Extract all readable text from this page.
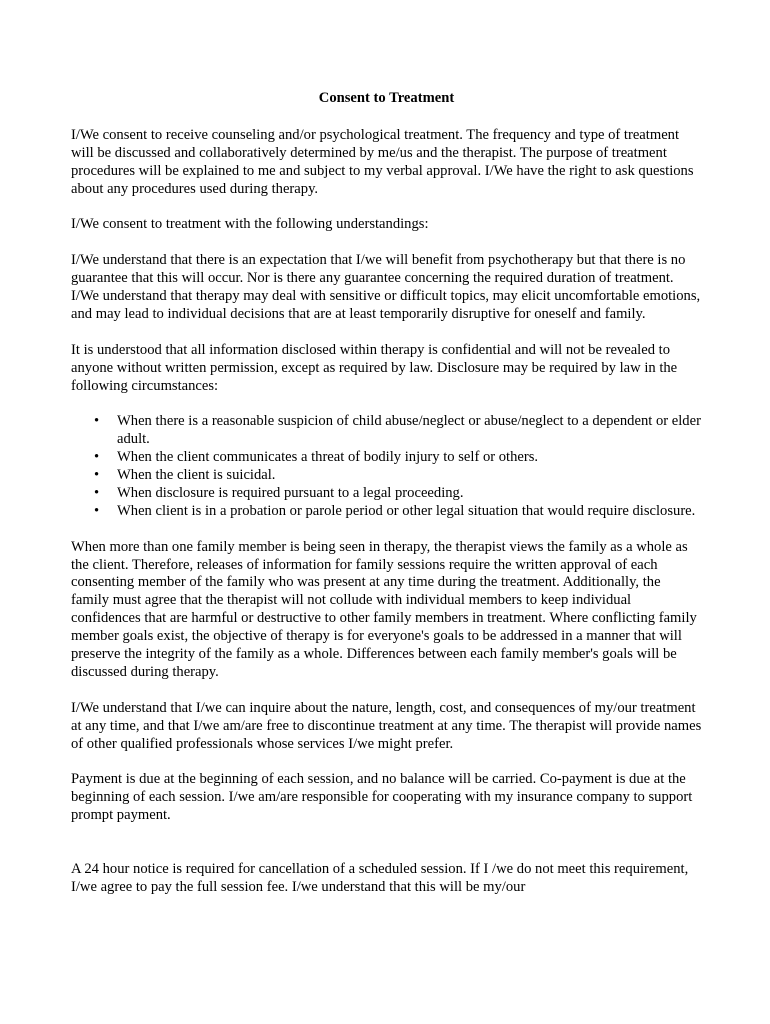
Consent to Treatment

I/We consent to receive counseling and/or psychological treatment. The frequency and type of treatment will be discussed and collaboratively determined by me/us and the therapist. The purpose of treatment procedures will be explained to me and subject to my verbal approval. I/We have the right to ask questions about any procedures used during therapy.

I/We consent to treatment with the following understandings:

I/We understand that there is an expectation that I/we will benefit from psychotherapy but that there is no guarantee that this will occur. Nor is there any guarantee concerning the required duration of treatment. I/We understand that therapy may deal with sensitive or difficult topics, may elicit uncomfortable emotions, and may lead to individual decisions that are at least temporarily disruptive for oneself and family.

It is understood that all information disclosed within therapy is confidential and will not be revealed to anyone without written permission, except as required by law. Disclosure may be required by law in the following circumstances:

• When there is a reasonable suspicion of child abuse/neglect or abuse/neglect to a dependent or elder adult.
• When the client communicates a threat of bodily injury to self or others.
• When the client is suicidal.
• When disclosure is required pursuant to a legal proceeding.
• When client is in a probation or parole period or other legal situation that would require disclosure.

When more than one family member is being seen in therapy, the therapist views the family as a whole as the client. Therefore, releases of information for family sessions require the written approval of each consenting member of the family who was present at any time during the treatment. Additionally, the family must agree that the therapist will not collude with individual members to keep individual confidences that are harmful or destructive to other family members in treatment. Where conflicting family member goals exist, the objective of therapy is for everyone's goals to be addressed in a manner that will preserve the integrity of the family as a whole. Differences between each family member's goals will be discussed during therapy.

I/We understand that I/we can inquire about the nature, length, cost, and consequences of my/our treatment at any time, and that I/we am/are free to discontinue treatment at any time. The therapist will provide names of other qualified professionals whose services I/we might prefer.

Payment is due at the beginning of each session, and no balance will be carried. Co-payment is due at the beginning of each session. I/we am/are responsible for cooperating with my insurance company to support prompt payment.

A 24 hour notice is required for cancellation of a scheduled session. If I /we do not meet this requirement, I/we agree to pay the full session fee. I/we understand that this will be my/our
